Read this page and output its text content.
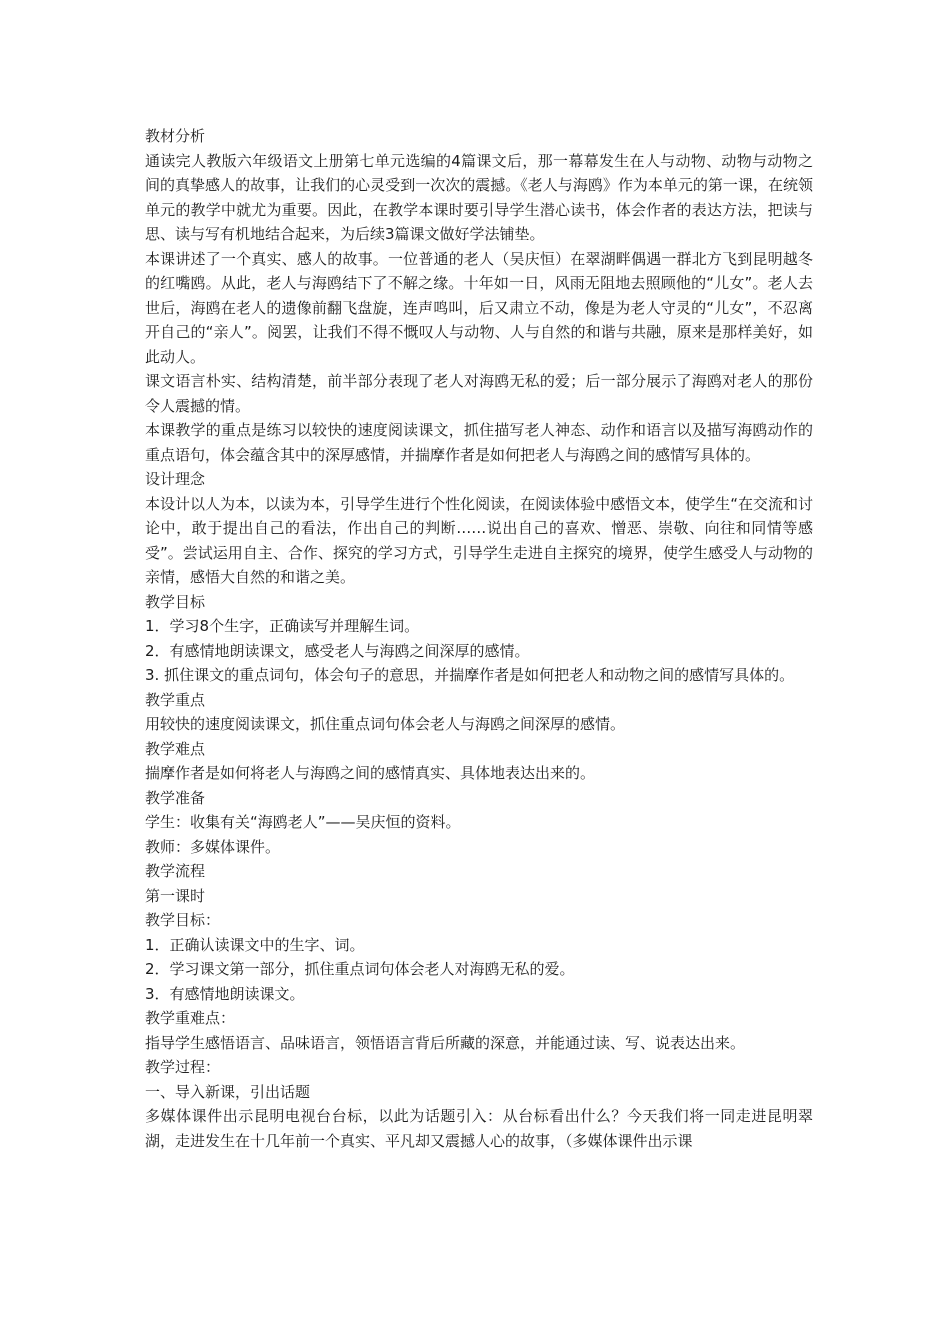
教材分析

通读完人教版六年级语文上册第七单元选编的4篇课文后，那一幕幕发生在人与动物、动物与动物之间的真挚感人的故事，让我们的心灵受到一次次的震撼。《老人与海鸥》作为本单元的第一课，在统领单元的教学中就尤为重要。因此，在教学本课时要引导学生潜心读书，体会作者的表达方法，把读与思、读与写有机地结合起来，为后续3篇课文做好学法铺垫。

本课讲述了一个真实、感人的故事。一位普通的老人（吴庆恒）在翠湖畔偶遇一群北方飞到昆明越冬的红嘴鸥。从此，老人与海鸥结下了不解之缘。十年如一日，风雨无阻地去照顾他的“儿女”。老人去世后，海鸥在老人的遗像前翻飞盘旋，连声鸣叫，后又肃立不动，像是为老人守灵的“儿女”，不忍离开自己的“亲人”。阅罢，让我们不得不慨叹人与动物、人与自然的和谐与共融，原来是那样美好，如此动人。

课文语言朴实、结构清楚，前半部分表现了老人对海鸥无私的爱；后一部分展示了海鸥对老人的那份令人震撼的情。

本课教学的重点是练习以较快的速度阅读课文，抓住描写老人神态、动作和语言以及描写海鸥动作的重点语句，体会蕴含其中的深厚感情，并揣摩作者是如何把老人与海鸥之间的感情写具体的。

设计理念

本设计以人为本，以读为本，引导学生进行个性化阅读，在阅读体验中感悟文本，使学生“在交流和讨论中，敢于提出自己的看法，作出自己的判断……说出自己的喜欢、憎恶、崇敬、向往和同情等感受”。尝试运用自主、合作、探究的学习方式，引导学生走进自主探究的境界，使学生感受人与动物的亲情，感悟大自然的和谐之美。

教学目标

1．学习8个生字，正确读写并理解生词。

2．有感情地朗读课文，感受老人与海鸥之间深厚的感情。

3. 抓住课文的重点词句，体会句子的意思，并揣摩作者是如何把老人和动物之间的感情写具体的。

教学重点

用较快的速度阅读课文，抓住重点词句体会老人与海鸥之间深厚的感情。

教学难点

揣摩作者是如何将老人与海鸥之间的感情真实、具体地表达出来的。

教学准备

学生：收集有关“海鸥老人”——吴庆恒的资料。

教师：多媒体课件。

教学流程

第一课时

教学目标：

1．正确认读课文中的生字、词。

2．学习课文第一部分，抓住重点词句体会老人对海鸥无私的爱。

3．有感情地朗读课文。

教学重难点：

指导学生感悟语言、品味语言，领悟语言背后所藏的深意，并能通过读、写、说表达出来。

教学过程：

一、导入新课，引出话题

多媒体课件出示昆明电视台台标，以此为话题引入：从台标看出什么？今天我们将一同走进昆明翠湖，走进发生在十几年前一个真实、平凡却又震撼人心的故事，（多媒体课件出示课
